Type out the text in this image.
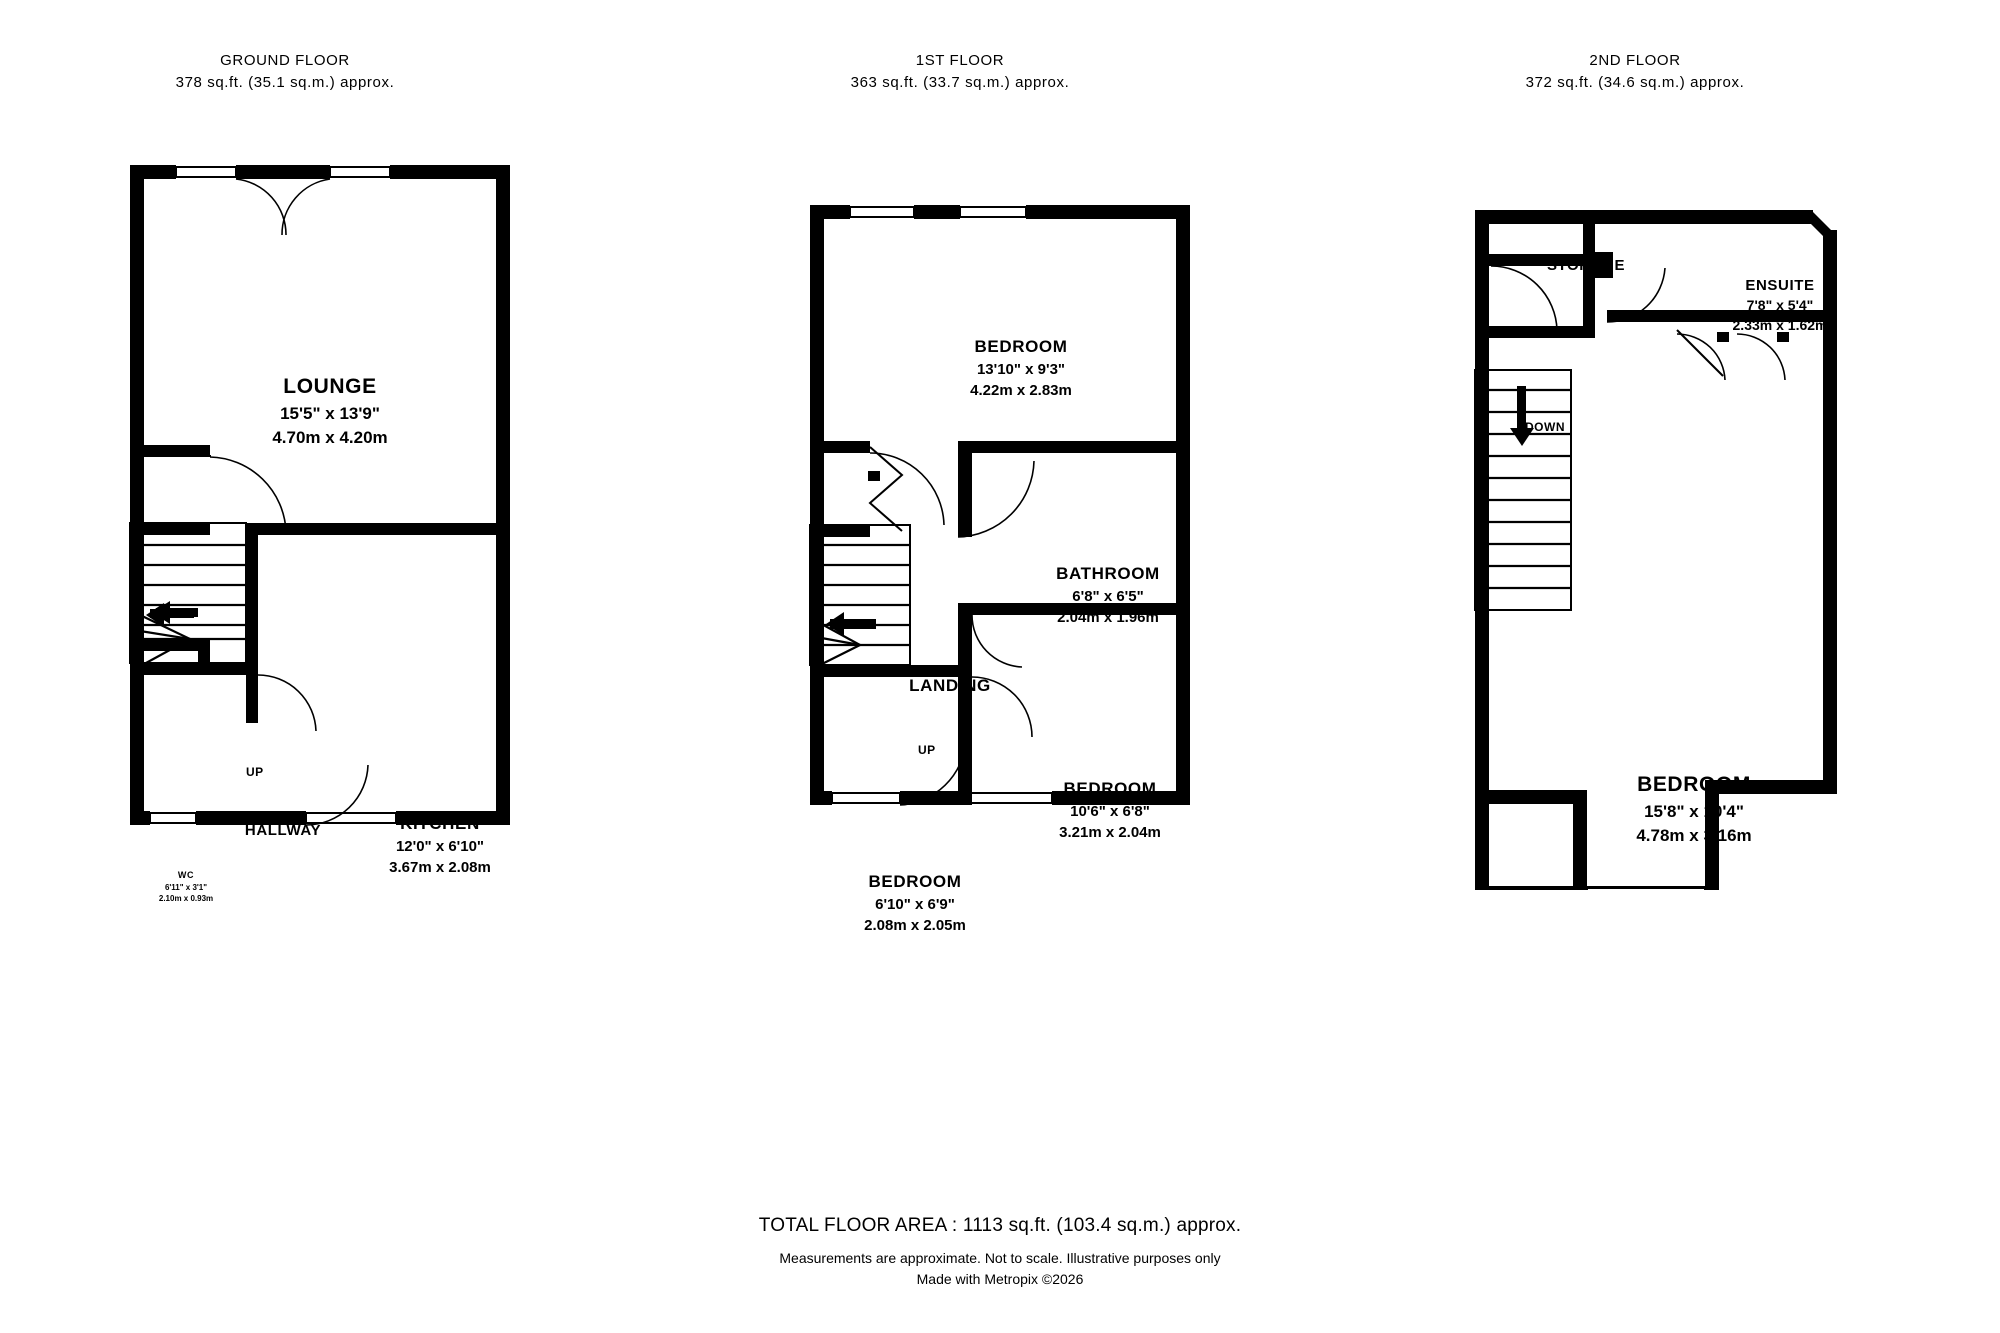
GROUND FLOOR
378 sq.ft. (35.1 sq.m.) approx.
1ST FLOOR
363 sq.ft. (33.7 sq.m.) approx.
2ND FLOOR
372 sq.ft. (34.6 sq.m.) approx.
LOUNGE
15'5" x 13'9"
4.70m x 4.20m
HALLWAY	KITCHEN
12'0" x 6'10"
3.67m x 2.08m
WC
6'11" x 3'1"
2.10m x 0.93m
UP
BEDROOM
13'10" x 9'3"
4.22m x 2.83m
BATHROOM
6'8" x 6'5"
2.04m x 1.96m
LANDING
BEDROOM
10'6" x 6'8"
3.21m x 2.04m
BEDROOM
6'10" x 6'9"
2.08m x 2.05m
UP
STORAGE
ENSUITE
7'8" x 5'4"
2.33m x 1.62m
BEDROOM
15'8" x 10'4"
4.78m x 3.16m
DOWN
TOTAL FLOOR AREA : 1113 sq.ft. (103.4 sq.m.) approx.
Measurements are approximate. Not to scale. Illustrative purposes only
Made with Metropix ©2026
